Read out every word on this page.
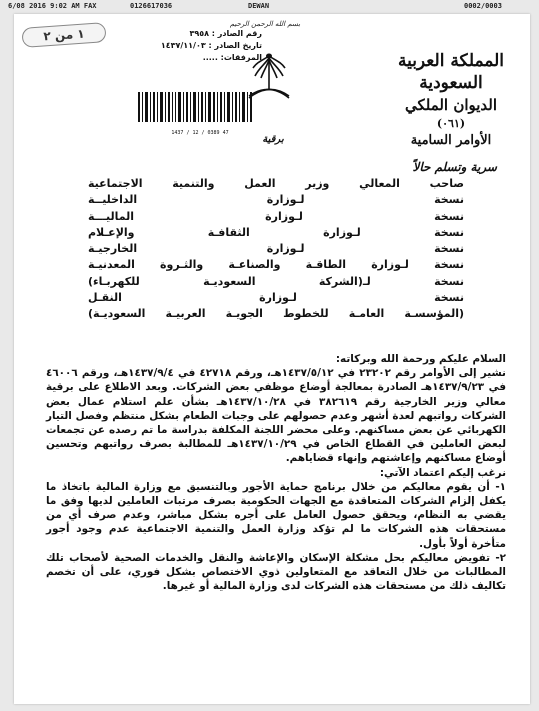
6/08 2016 9:02 AM FAX	0126617036	DEWAN	0002/0003
١ من ٢	رقم الصادر : ٣٩٥٨
تاريخ الصادر : ١٤٣٧/١١/٠٣
المرفقات: .....
1437 / 12 / 0389 47
بسم الله الرحمن الرحيم
برقية
المملكة العربية السعودية
الديوان الملكي
(٠٦١)
الأوامر السامية
سرية وتسلم حالاً
صاحب المعالي وزير العمل والتنمية الاجتماعية
نسخة لـوزارة الداخليــة
نسخة لـوزارة الماليـــة
نسخة لـوزارة الثقافـة والإعـلام
نسخة لـوزارة الخارجيـة
نسخة لـوزارة الطاقـة والصناعـة والثـروة المعدنيـة
نسخة لـ(الشركة السعوديـة للكهربـاء)
نسخة لـوزارة النقـل
(المؤسسـة العامـة للخطوط الجويـة العربيـة السعوديـة)

السلام عليكم ورحمة الله وبركاته:

نشير إلى الأوامر رقم ٢٣٢٠٢ في ١٤٣٧/٥/١٢هـ، ورقم ٤٢٧١٨ في ١٤٣٧/٩/٤هـ، ورقم ٤٦٠٠٦ في ١٤٣٧/٩/٢٣هـ الصادرة بمعالجة أوضاع موظفي بعض الشركات. وبعد الاطلاع على برقية معالي وزير الخارجية رقم ٣٨٢٦١٩ في ١٤٣٧/١٠/٢٨هـ بشأن علم استلام عمال بعض الشركات رواتبهم لعدة أشهر وعدم حصولهم على وجبات الطعام بشكل منتظم وفصل التيار الكهربائي عن بعض مساكنهم. وعلى محضر اللجنة المكلفة بدراسة ما تم رصده عن تجمعات لبعض العاملين في القطاع الخاص في ١٤٣٧/١٠/٢٩هـ للمطالبة بصرف رواتبهم وتحسين أوضاع مساكنهم وإعاشتهم وإنهاء قضاياهم.

نرغب إليكم اعتماد الآتي:

١- أن يقوم معاليكم من خلال برنامج حماية الأجور وبالتنسيق مع وزارة المالية باتخاذ ما يكفل إلزام الشركات المتعاقدة مع الجهات الحكومية بصرف مرتبات العاملين لديها وفق ما يقضي به النظام، ويحقق حصول العامل على أجره بشكل مباشر، وعدم صرف أي من مستحقات هذه الشركات ما لم تؤكد وزارة العمل والتنمية الاجتماعية عدم وجود أجور متأخرة أولاً بأول.

٢- تفويض معاليكم بحل مشكلة الإسكان والإعاشة والنقل والخدمات الصحية لأصحاب تلك المطالبات من خلال التعاقد مع المتعاولين ذوي الاختصاص بشكل فوري، على أن تخصم تكاليف ذلك من مستحقات هذه الشركات لدى وزارة المالية أو غيرها.
